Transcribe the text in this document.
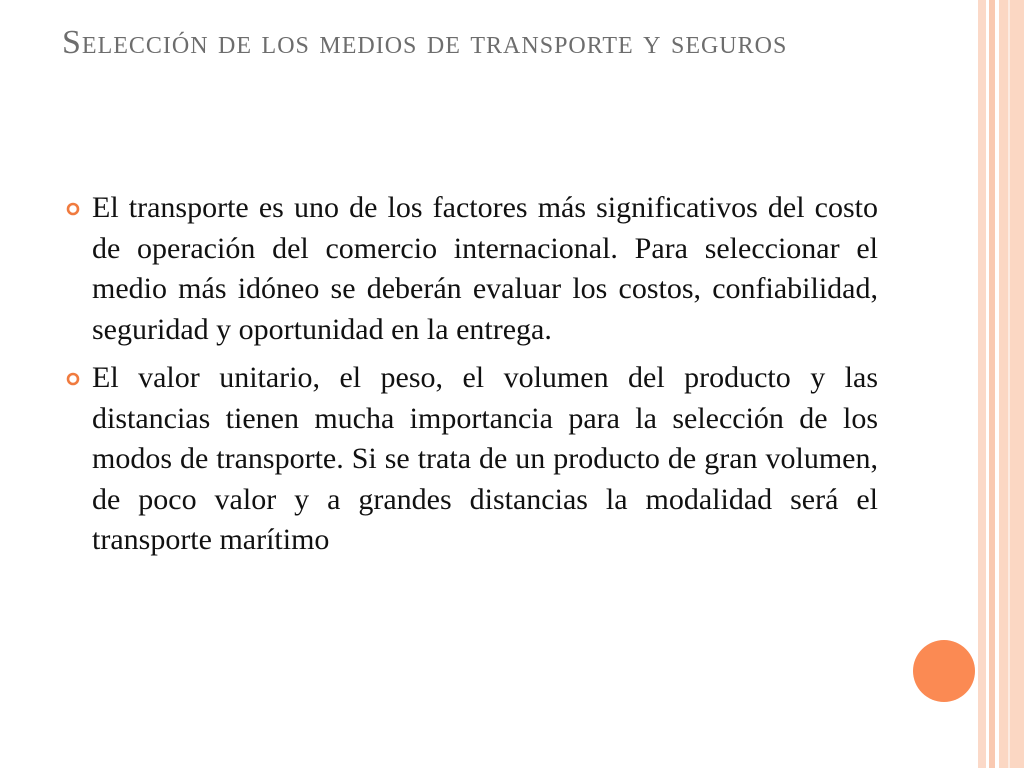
Selección de los medios de transporte y seguros

El transporte es uno de los factores más significativos del costo de operación del comercio internacional. Para seleccionar el medio más idóneo se deberán evaluar los costos, confiabilidad, seguridad y oportunidad en la entrega.

El valor unitario, el peso, el volumen del producto y las distancias tienen mucha importancia para la selección de los modos de transporte. Si se trata de un producto de gran volumen, de poco valor y a grandes distancias la modalidad será el transporte marítimo
